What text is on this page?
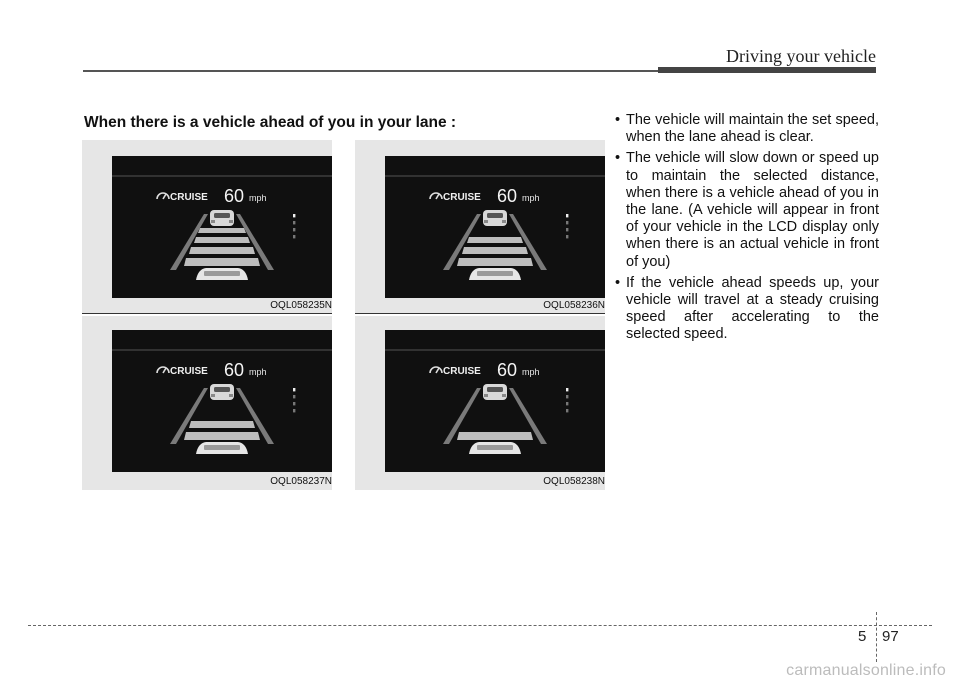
Driving your vehicle
When there is a vehicle ahead of you in your lane :
CRUISE 60 mph
OQL058235N
CRUISE 60 mph
OQL058236N
CRUISE 60 mph
OQL058237N
CRUISE 60 mph
OQL058238N
• The vehicle will maintain the set speed, when the lane ahead is clear.
• The vehicle will slow down or speed up to maintain the selected distance, when there is a vehicle ahead of you in the lane. (A vehicle will appear in front of your vehicle in the LCD display only when there is an actual vehicle in front of you)
• If the vehicle ahead speeds up, your vehicle will travel at a steady cruising speed after accelerating to the selected speed.
5 97
carmanualsonline.info
